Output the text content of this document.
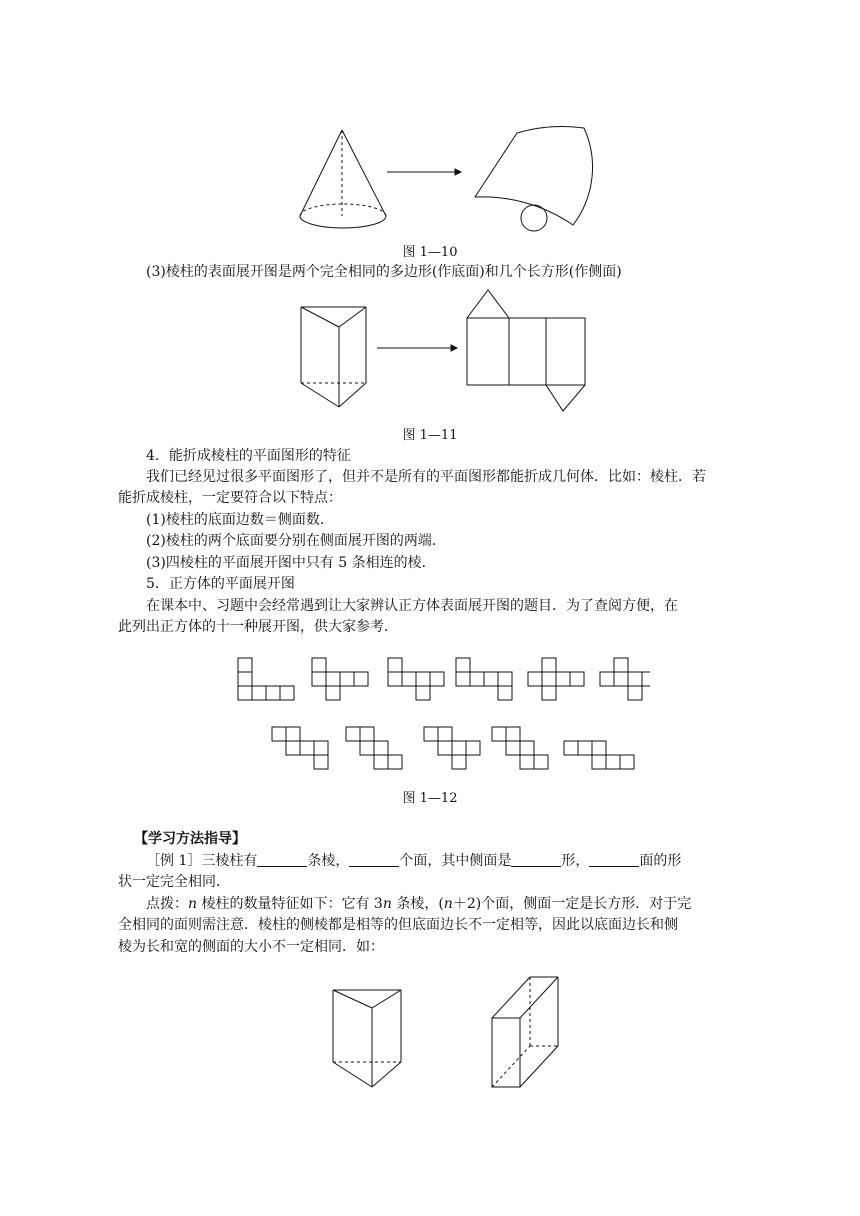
图 1—10
(3)棱柱的表面展开图是两个完全相同的多边形(作底面)和几个长方形(作侧面)
图 1—11
4．能折成棱柱的平面图形的特征
我们已经见过很多平面图形了，但并不是所有的平面图形都能折成几何体．比如：棱柱．若
能折成棱柱，一定要符合以下特点：
(1)棱柱的底面边数＝侧面数．
(2)棱柱的两个底面要分别在侧面展开图的两端．
(3)四棱柱的平面展开图中只有 5 条相连的棱．
5．正方体的平面展开图
在课本中、习题中会经常遇到让大家辨认正方体表面展开图的题目．为了查阅方便，在
此列出正方体的十一种展开图，供大家参考．
图 1—12
【学习方法指导】
［例 1］三棱柱有	条棱，	个面，其中侧面是	形，	面的形
状一定完全相同．
点拨：n 棱柱的数量特征如下：它有 3n 条棱，(n＋2)个面，侧面一定是长方形．对于完
全相同的面则需注意．棱柱的侧棱都是相等的但底面边长不一定相等，因此以底面边长和侧
棱为长和宽的侧面的大小不一定相同．如：
